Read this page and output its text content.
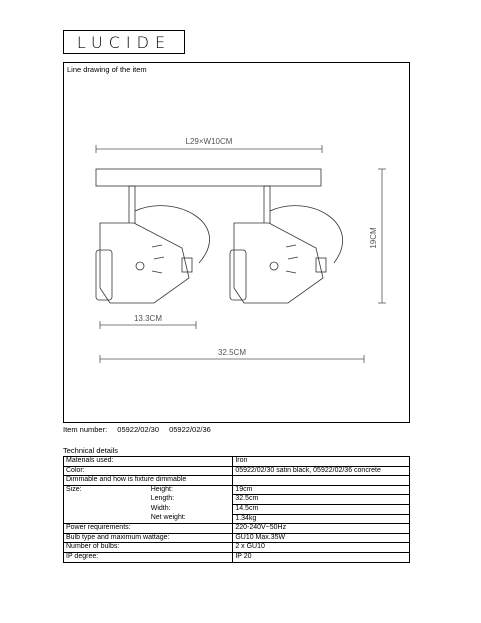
LUCIDE
Line drawing of the item
L29×W10CM
19CM
13.3CM
32.5CM
Item number: 05922/02/30 05922/02/36
Technical details
Materials used:		Iron
Color:		05922/02/30 satin black, 05922/02/36 concrete
Dimmable and how is fixture dimmable		
Size:	Height:	19cm
	Length:	32.5cm
	Width:	14.5cm
	Net weight:	1.34kg
Power requirements:		220-240V~50Hz
Bulb type and maximum wattage:		GU10 Max.35W
Number of bulbs:		2 x GU10
IP degree:		IP 20
